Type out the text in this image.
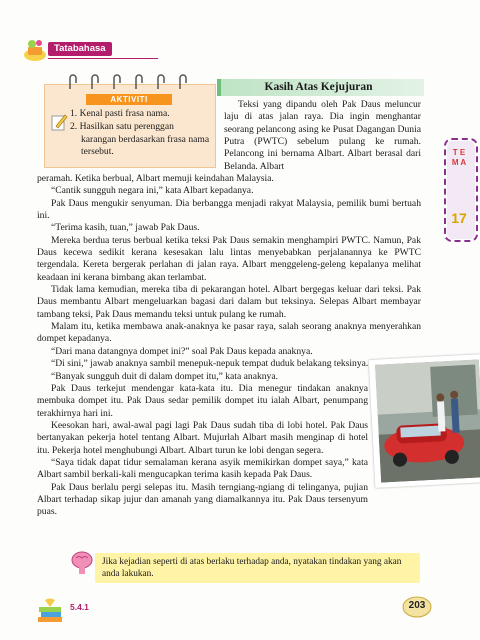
Tatabahasa
AKTIVITI
1. Kenal pasti frasa nama.
2. Hasilkan satu perenggan karangan berdasarkan frasa nama tersebut.
Kasih Atas Kejujuran
T E M A
17

Teksi yang dipandu oleh Pak Daus meluncur laju di atas jalan raya. Dia ingin menghantar seorang pelancong asing ke Pusat Dagangan Dunia Putra (PWTC) sebelum pulang ke rumah. Pelancong ini bernama Albart. Albart berasal dari Belanda. Albart

peramah. Ketika berbual, Albart memuji keindahan Malaysia.

“Cantik sungguh negara ini,” kata Albart kepadanya.

Pak Daus mengukir senyuman. Dia berbangga menjadi rakyat Malaysia, pemilik bumi bertuah ini.

“Terima kasih, tuan,” jawab Pak Daus.

Mereka berdua terus berbual ketika teksi Pak Daus semakin menghampiri PWTC. Namun, Pak Daus kecewa sedikit kerana kesesakan lalu lintas menyebabkan perjalanannya ke PWTC tergendala. Kereta bergerak perlahan di jalan raya. Albart menggeleng-geleng kepalanya melihat keadaan ini kerana bimbang akan terlambat.

Tidak lama kemudian, mereka tiba di pekarangan hotel. Albart bergegas keluar dari teksi. Pak Daus membantu Albart mengeluarkan bagasi dari dalam but teksinya. Selepas Albart membayar tambang teksi, Pak Daus memandu teksi untuk pulang ke rumah.

Malam itu, ketika membawa anak-anaknya ke pasar raya, salah seorang anaknya menyerahkan dompet kepadanya.

“Dari mana datangnya dompet ini?” soal Pak Daus kepada anaknya.

“Di sini,” jawab anaknya sambil menepuk-nepuk tempat duduk belakang teksinya.

“Banyak sungguh duit di dalam dompet itu,” kata anaknya.

Pak Daus terkejut mendengar kata-kata itu. Dia menegur tindakan anaknya membuka dompet itu. Pak Daus sedar pemilik dompet itu ialah Albart, penumpang terakhirnya hari ini.

Keesokan hari, awal-awal pagi lagi Pak Daus sudah tiba di lobi hotel. Pak Daus bertanyakan pekerja hotel tentang Albart. Mujurlah Albart masih menginap di hotel itu. Pekerja hotel menghubungi Albart. Albart turun ke lobi dengan segera.

“Saya tidak dapat tidur semalaman kerana asyik memikirkan dompet saya,” kata Albart sambil berkali-kali mengucapkan terima kasih kepada Pak Daus.

Pak Daus berlalu pergi selepas itu. Masih terngiang-ngiang di telinganya, pujian Albart terhadap sikap jujur dan amanah yang diamalkannya itu. Pak Daus tersenyum puas.

Jika kejadian seperti di atas berlaku terhadap anda, nyatakan tindakan yang akan anda lakukan.
5.4.1	203
